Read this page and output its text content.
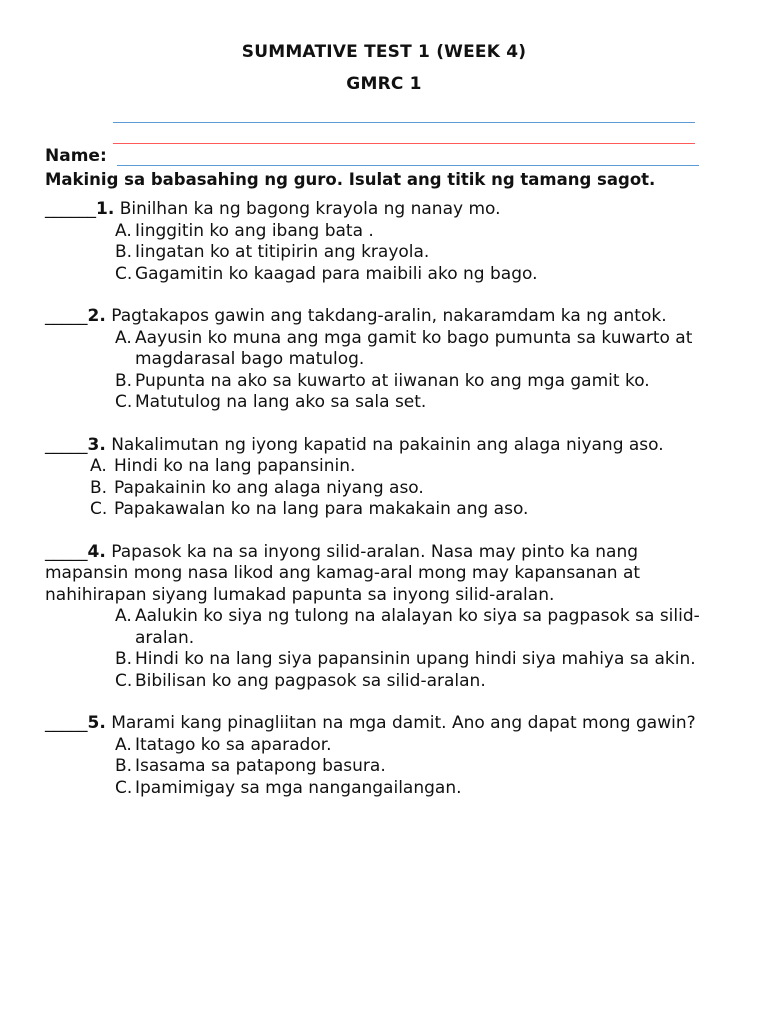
SUMMATIVE TEST 1 (WEEK 4)
GMRC 1
Name:
Makinig sa babasahing ng guro. Isulat ang titik ng tamang sagot.
______1. Binilhan ka ng bagong krayola ng nanay mo.
A. Iinggitin ko ang ibang bata .
B. Iingatan ko at titipirin ang krayola.
C. Gagamitin ko kaagad para maibili ako ng bago.
_____2. Pagtakapos gawin ang takdang-aralin, nakaramdam ka ng antok.
A. Aayusin ko muna ang mga gamit ko bago pumunta sa kuwarto at magdarasal bago matulog.
B. Pupunta na ako sa kuwarto at iiwanan ko ang mga gamit ko.
C. Matutulog na lang ako sa sala set.
_____3. Nakalimutan ng iyong kapatid na pakainin ang alaga niyang aso.
A. Hindi ko na lang papansinin.
B. Papakainin ko ang alaga niyang aso.
C. Papakawalan ko na lang para makakain ang aso.
_____4. Papasok ka na sa inyong silid-aralan. Nasa may pinto ka nang mapansin mong nasa likod ang kamag-aral mong may kapansanan at nahihirapan siyang lumakad papunta sa inyong silid-aralan.
A. Aalukin ko siya ng tulong na alalayan ko siya sa pagpasok sa silid-aralan.
B. Hindi ko na lang siya papansinin upang hindi siya mahiya sa akin.
C. Bibilisan ko ang pagpasok sa silid-aralan.
_____5. Marami kang pinagliitan na mga damit. Ano ang dapat mong gawin?
A. Itatago ko sa aparador.
B. Isasama sa patapong basura.
C. Ipamimigay sa mga nangangailangan.
